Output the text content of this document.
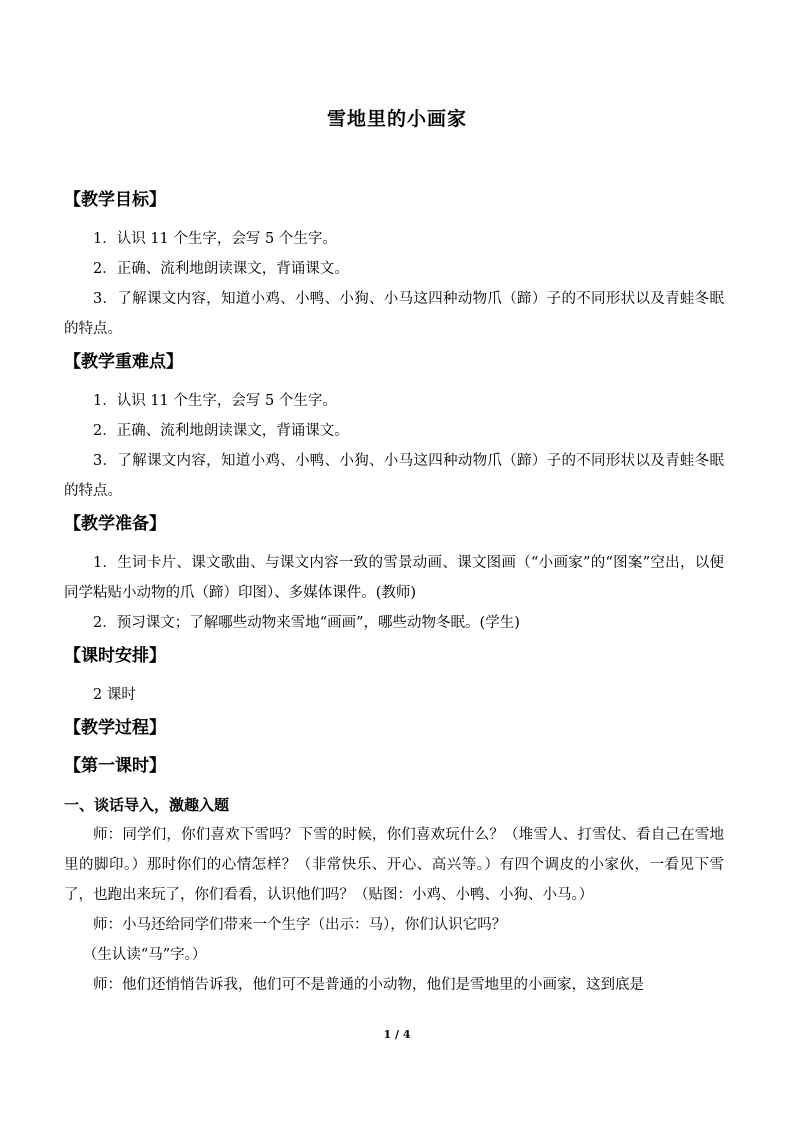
雪地里的小画家
【教学目标】

1．认识 11 个生字，会写 5 个生字。

2．正确、流利地朗读课文，背诵课文。

3．了解课文内容，知道小鸡、小鸭、小狗、小马这四种动物爪（蹄）子的不同形状以及青蛙冬眠的特点。

【教学重难点】

1．认识 11 个生字，会写 5 个生字。

2．正确、流利地朗读课文，背诵课文。

3．了解课文内容，知道小鸡、小鸭、小狗、小马这四种动物爪（蹄）子的不同形状以及青蛙冬眠的特点。

【教学准备】

1．生词卡片、课文歌曲、与课文内容一致的雪景动画、课文图画（“小画家”的“图案”空出，以便同学粘贴小动物的爪（蹄）印图）、多媒体课件。(教师)

2．预习课文；了解哪些动物来雪地“画画”，哪些动物冬眠。(学生)

【课时安排】

2 课时

【教学过程】
【第一课时】
一、谈话导入，激趣入题

师：同学们，你们喜欢下雪吗？下雪的时候，你们喜欢玩什么？（堆雪人、打雪仗、看自己在雪地里的脚印。）那时你们的心情怎样？（非常快乐、开心、高兴等。）有四个调皮的小家伙，一看见下雪了，也跑出来玩了，你们看看，认识他们吗？（贴图：小鸡、小鸭、小狗、小马。）

师：小马还给同学们带来一个生字（出示：马），你们认识它吗？

（生认读“马”字。）

师：他们还悄悄告诉我，他们可不是普通的小动物，他们是雪地里的小画家，这到底是

1 / 4
